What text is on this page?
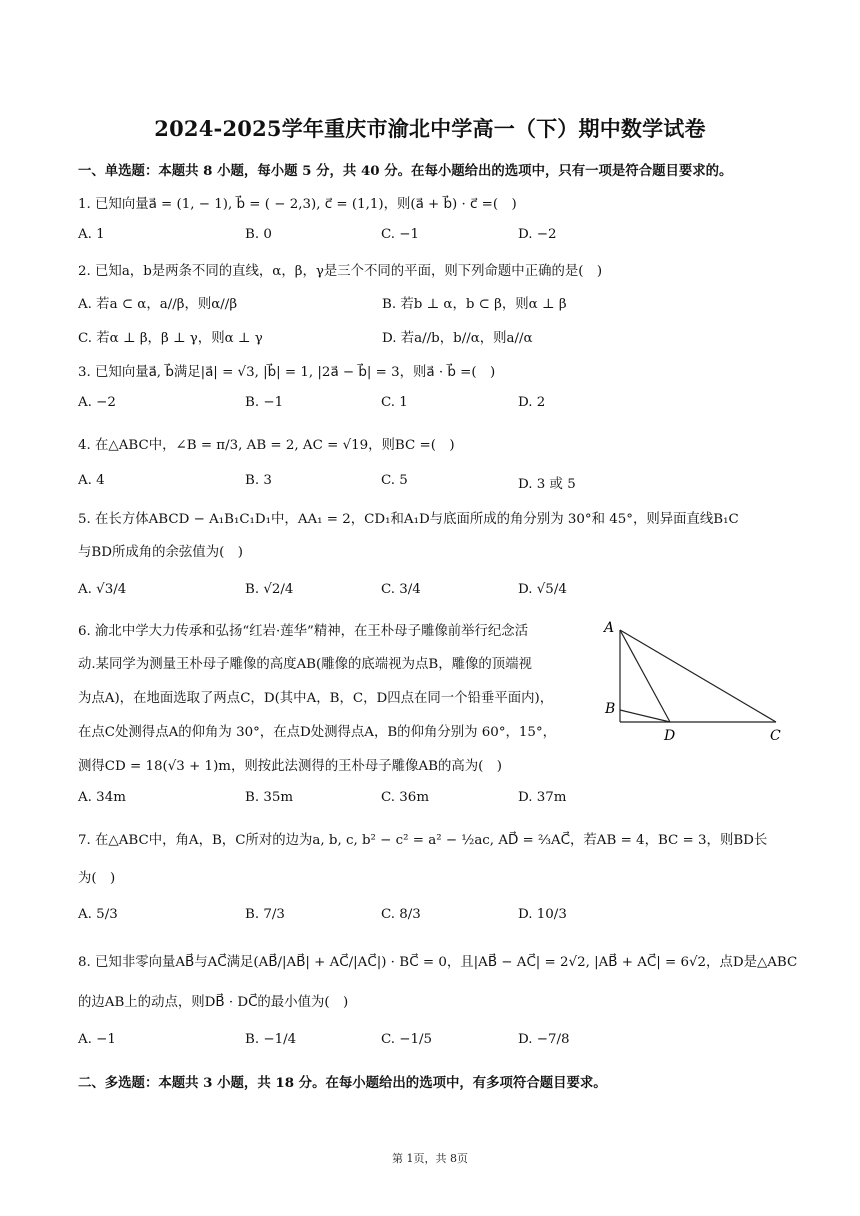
2024-2025学年重庆市渝北中学高一（下）期中数学试卷
一、单选题：本题共 8 小题，每小题 5 分，共 40 分。在每小题给出的选项中，只有一项是符合题目要求的。
1. 已知向量a⃗ = (1, − 1), b⃗ = ( − 2,3), c⃗ = (1,1)，则(a⃗ + b⃗) · c⃗ =(　)
A. 1	B. 0	C. −1	D. −2
2. 已知a，b是两条不同的直线，α，β，γ是三个不同的平面，则下列命题中正确的是(　)
A. 若a ⊂ α，a//β，则α//β	B. 若b ⊥ α，b ⊂ β，则α ⊥ β
C. 若α ⊥ β，β ⊥ γ，则α ⊥ γ	D. 若a//b，b//α，则a//α
3. 已知向量a⃗, b⃗满足|a⃗| = √3, |b⃗| = 1, |2a⃗ − b⃗| = 3，则a⃗ · b⃗ =(　)
A. −2	B. −1	C. 1	D. 2
4. 在△ABC中，∠B = π/3, AB = 2, AC = √19，则BC =(　)
A. 4	B. 3	C. 5	D. 3 或 5
5. 在长方体ABCD − A₁B₁C₁D₁中，AA₁ = 2，CD₁和A₁D与底面所成的角分别为 30°和 45°，则异面直线B₁C
与BD所成角的余弦值为(　)
A. √3/4	B. √2/4	C. 3/4	D. √5/4
6. 渝北中学大力传承和弘扬“红岩·莲华”精神，在王朴母子雕像前举行纪念活
动.某同学为测量王朴母子雕像的高度AB(雕像的底端视为点B，雕像的顶端视
为点A)，在地面选取了两点C，D(其中A，B，C，D四点在同一个铅垂平面内)，
在点C处测得点A的仰角为 30°，在点D处测得点A，B的仰角分别为 60°，15°，
测得CD = 18(√3 + 1)m，则按此法测得的王朴母子雕像AB的高为(　)
A
B
D	C
A. 34m	B. 35m	C. 36m	D. 37m
7. 在△ABC中，角A，B，C所对的边为a, b, c, b² − c² = a² − ½ac, AD⃗ = ⅔AC⃗，若AB = 4，BC = 3，则BD长
为(　)
A. 5/3	B. 7/3	C. 8/3	D. 10/3
8. 已知非零向量AB⃗与AC⃗满足(AB⃗/|AB⃗| + AC⃗/|AC⃗|) · BC⃗ = 0，且|AB⃗ − AC⃗| = 2√2, |AB⃗ + AC⃗| = 6√2，点D是△ABC
的边AB上的动点，则DB⃗ · DC⃗的最小值为(　)
A. −1	B. −1/4	C. −1/5	D. −7/8
二、多选题：本题共 3 小题，共 18 分。在每小题给出的选项中，有多项符合题目要求。
第 1页，共 8页
